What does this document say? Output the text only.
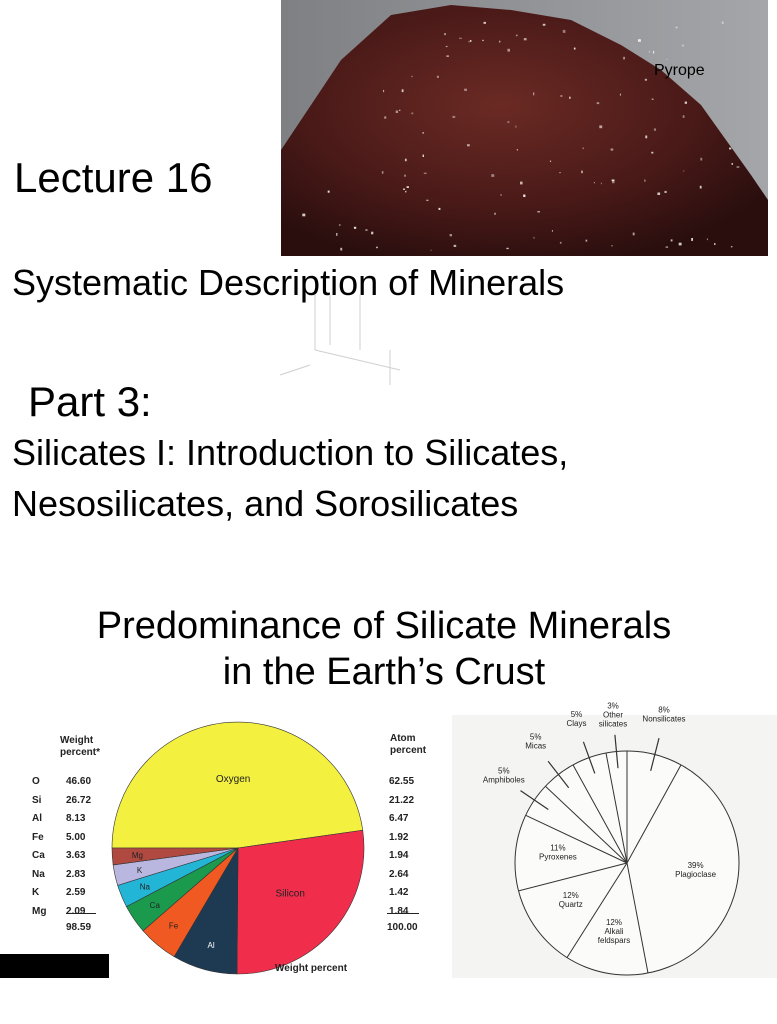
Pyrope
Lecture 16
Systematic Description of Minerals
Part 3:
Silicates I: Introduction to Silicates,
Nesosilicates, and Sorosilicates
Predominance of Silicate Minerals
in the Earth’s Crust
Weight
percent*
Atom
percent
O
Si
Al
Fe
Ca
Na
K
Mg
46.60
26.72
8.13
5.00
3.63
2.83
2.59
2.09
62.55
21.22
6.47
1.92
1.94
2.64
1.42
1.84
98.59	100.00
Oxygen
Silicon
Al
Fe
Ca
Na
K
Mg
Weight percent
39% Plagioclase
12% Alkali feldspars
12% Quartz
11% Pyroxenes
5% Amphiboles
5% Micas
5% Clays
3% Other silicates
8% Nonsilicates
